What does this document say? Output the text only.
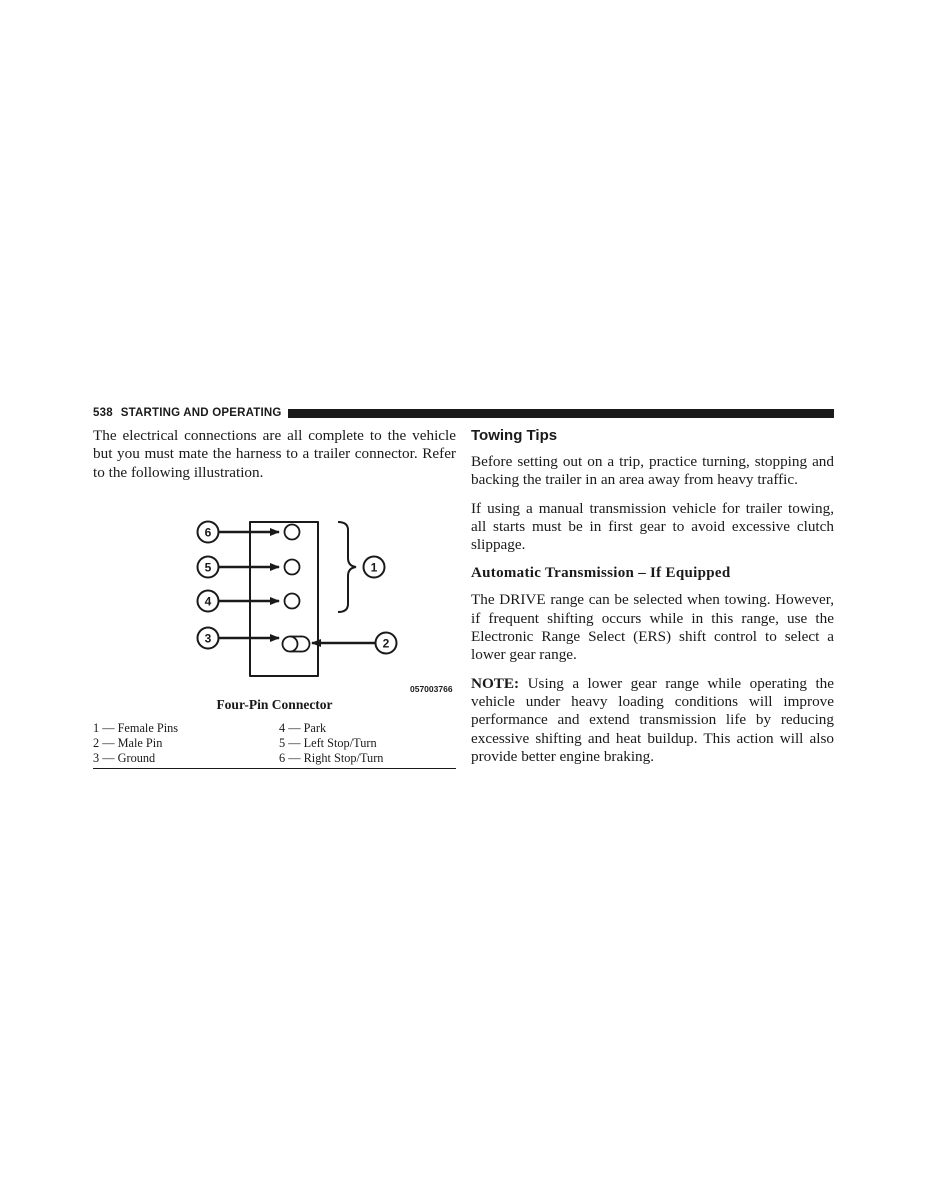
538 STARTING AND OPERATING

The electrical connections are all complete to the vehicle but you must mate the harness to a trailer connector. Refer to the following illustration.

6
5
4
3	2
1
057003766
Four-Pin Connector
1 — Female Pins	4 — Park
2 — Male Pin	5 — Left Stop/Turn
3 — Ground	6 — Right Stop/Turn
Towing Tips

Before setting out on a trip, practice turning, stopping and backing the trailer in an area away from heavy traffic.

If using a manual transmission vehicle for trailer towing, all starts must be in first gear to avoid excessive clutch slippage.

Automatic Transmission – If Equipped

The DRIVE range can be selected when towing. However, if frequent shifting occurs while in this range, use the Electronic Range Select (ERS) shift control to select a lower gear range.

NOTE: Using a lower gear range while operating the vehicle under heavy loading conditions will improve performance and extend transmission life by reducing excessive shifting and heat buildup. This action will also provide better engine braking.
